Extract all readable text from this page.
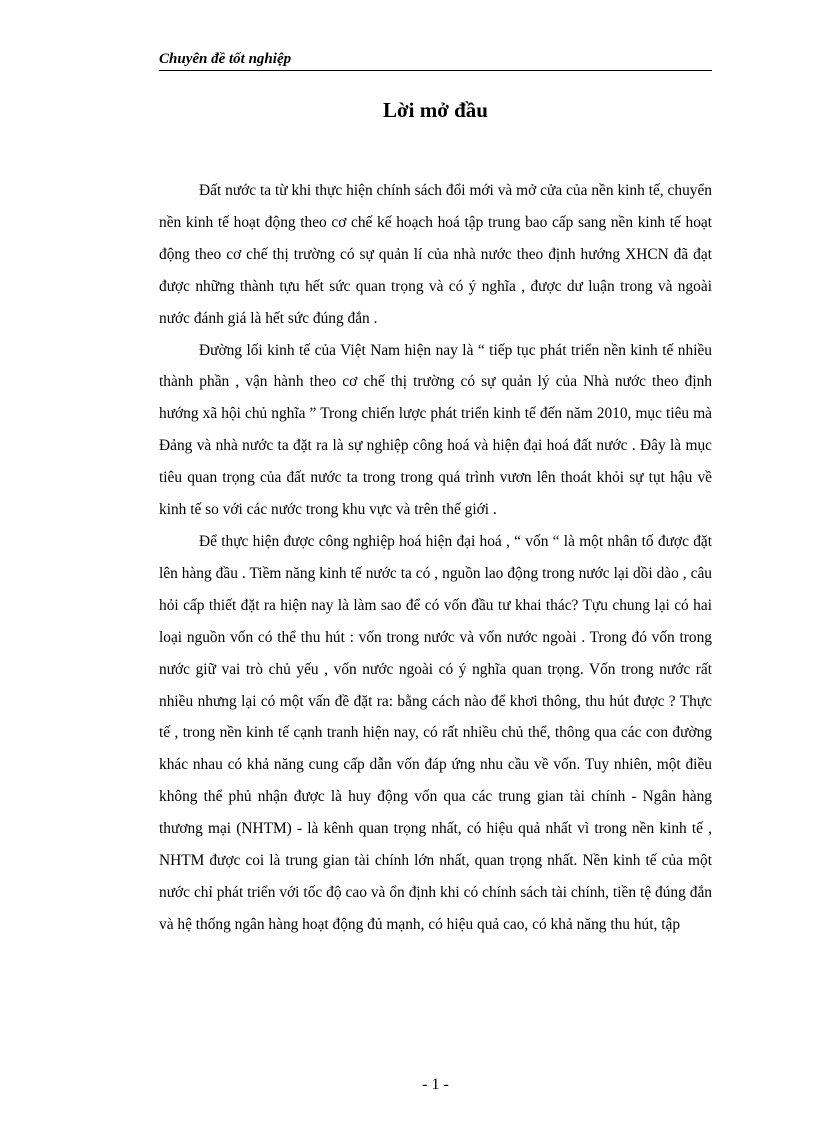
Chuyên đề tốt nghiệp
Lời mở đầu

Đất nước ta từ khi thực hiện chính sách đổi mới và mở cửa của nền kinh tế, chuyển nền kinh tế hoạt động theo cơ chế kế hoạch hoá tập trung bao cấp sang nền kinh tế hoạt động theo cơ chế thị trường có sự quản lí của nhà nước theo định hướng XHCN đã đạt được những thành tựu hết sức quan trọng và có ý nghĩa , được dư luận trong và ngoài nước đánh giá là hết sức đúng đắn .

Đường lối kinh tế của Việt Nam hiện nay là “ tiếp tục phát triển nền kinh tế nhiều thành phần , vận hành theo cơ chế thị trường có sự quản lý của Nhà nước theo định hướng xã hội chủ nghĩa ” Trong chiến lược phát triển kinh tế đến năm 2010, mục tiêu mà Đảng và nhà nước ta đặt ra là sự nghiệp công hoá và hiện đại hoá đất nước . Đây là mục tiêu quan trọng của đất nước ta trong trong quá trình vươn lên thoát khỏi sự tụt hậu về kinh tế so với các nước trong khu vực và trên thế giới .

Để thực hiện được công nghiệp hoá hiện đại hoá , “ vốn “ là một nhân tố được đặt lên hàng đầu . Tiềm năng kinh tế nước ta có , nguồn lao động trong nước lại dồi dào , câu hỏi cấp thiết đặt ra hiện nay là làm sao để có vốn đầu tư khai thác? Tựu chung lại có hai loại nguồn vốn có thể thu hút : vốn trong nước và vốn nước ngoài . Trong đó vốn trong nước giữ vai trò chủ yếu , vốn nước ngoài có ý nghĩa quan trọng. Vốn trong nước rất nhiều nhưng lại có một vấn đề đặt ra: bằng cách nào để khơi thông, thu hút được ? Thực tế , trong nền kinh tế cạnh tranh hiện nay, có rất nhiều chủ thể, thông qua các con đường khác nhau có khả năng cung cấp dẫn vốn đáp ứng nhu cầu về vốn. Tuy nhiên, một điều không thể phủ nhận được là huy động vốn qua các trung gian tài chính - Ngân hàng thương mại (NHTM) - là kênh quan trọng nhất, có hiệu quả nhất vì trong nền kinh tế , NHTM được coi là trung gian tài chính lớn nhất, quan trọng nhất. Nền kinh tế của một nước chỉ phát triển với tốc độ cao và ổn định khi có chính sách tài chính, tiền tệ đúng đắn và hệ thống ngân hàng hoạt động đủ mạnh, có hiệu quả cao, có khả năng thu hút, tập

- 1 -
